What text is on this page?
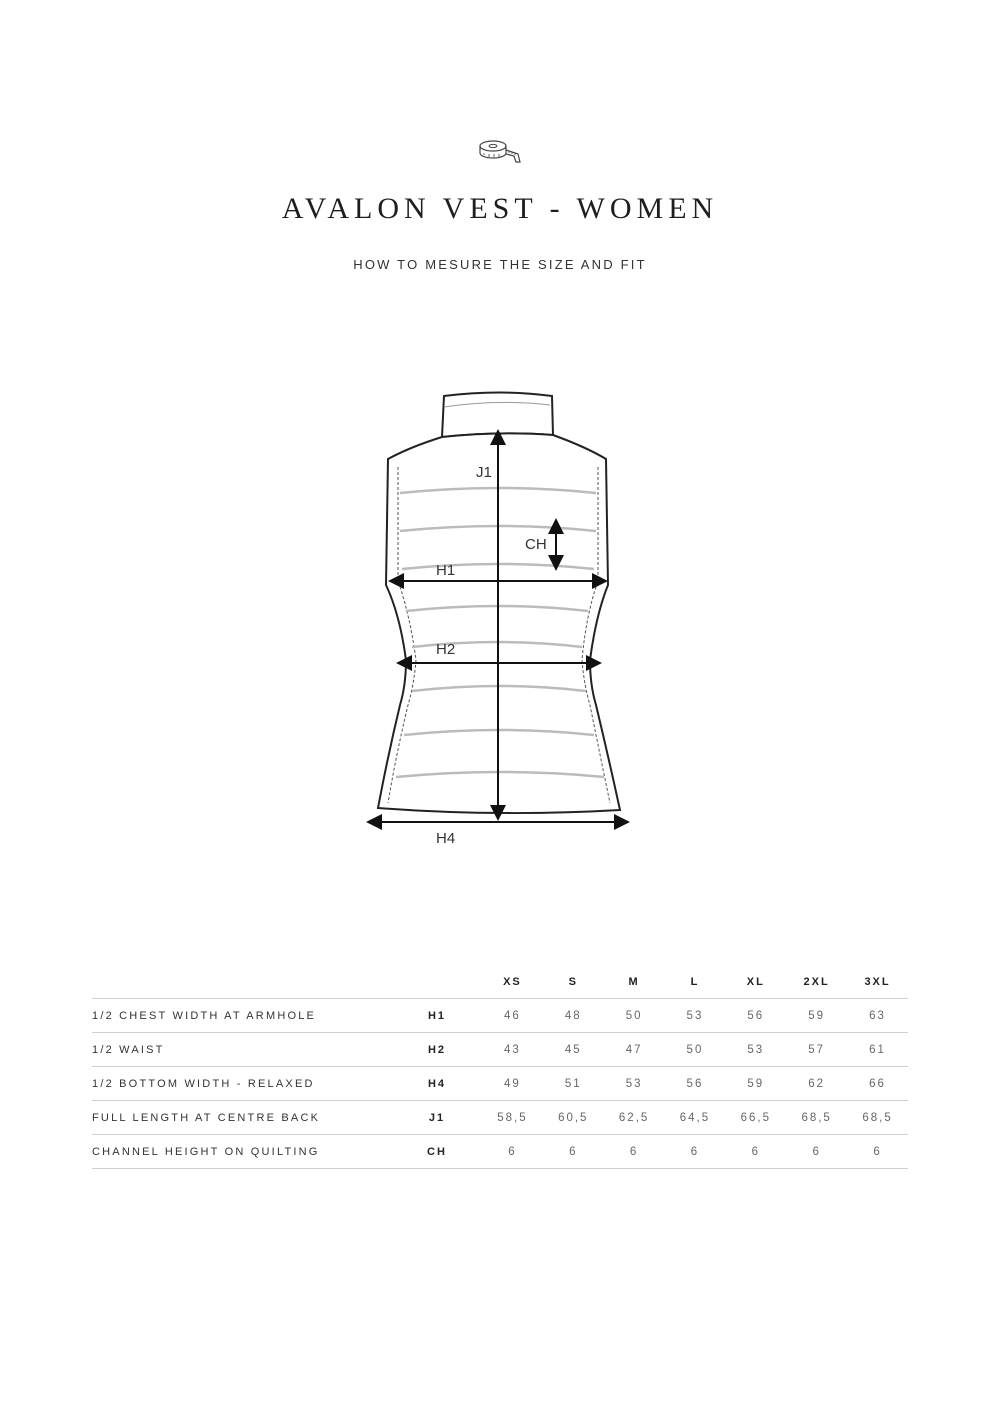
AVALON VEST - WOMEN
HOW TO MESURE THE SIZE AND FIT
J1
CH
H1
H2
H4
		XS	S	M	L	XL	2XL	3XL
1/2 CHEST WIDTH AT ARMHOLE	H1	46	48	50	53	56	59	63
1/2 WAIST	H2	43	45	47	50	53	57	61
1/2 BOTTOM WIDTH - RELAXED	H4	49	51	53	56	59	62	66
FULL LENGTH AT CENTRE BACK	J1	58,5	60,5	62,5	64,5	66,5	68,5	68,5
CHANNEL HEIGHT ON QUILTING	CH	6	6	6	6	6	6	6
